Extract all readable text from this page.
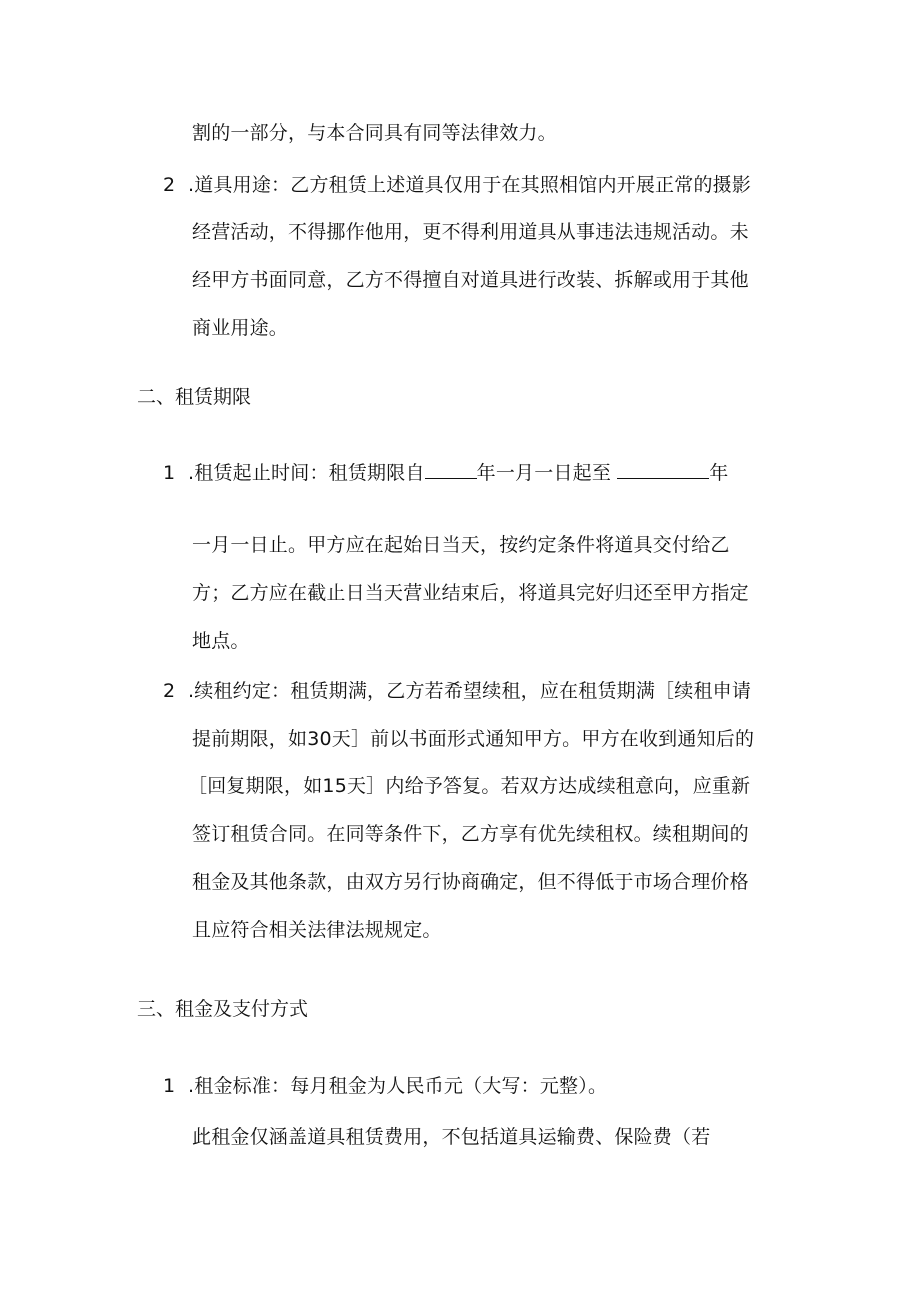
割的一部分，与本合同具有同等法律效力。
2 .道具用途：乙方租赁上述道具仅用于在其照相馆内开展正常的摄影
经营活动，不得挪作他用，更不得利用道具从事违法违规活动。未
经甲方书面同意，乙方不得擅自对道具进行改装、拆解或用于其他
商业用途。
二、租赁期限
1 .租赁起止时间：租赁期限自	年一月一日起至	年
一月一日止。甲方应在起始日当天，按约定条件将道具交付给乙
方；乙方应在截止日当天营业结束后，将道具完好归还至甲方指定
地点。
2 .续租约定：租赁期满，乙方若希望续租，应在租赁期满［续租申请
提前期限，如30天］前以书面形式通知甲方。甲方在收到通知后的
［回复期限，如15天］内给予答复。若双方达成续租意向，应重新
签订租赁合同。在同等条件下，乙方享有优先续租权。续租期间的
租金及其他条款，由双方另行协商确定，但不得低于市场合理价格
且应符合相关法律法规规定。
三、租金及支付方式
1 .租金标准：每月租金为人民币元（大写：元整）。
此租金仅涵盖道具租赁费用，不包括道具运输费、保险费（若
